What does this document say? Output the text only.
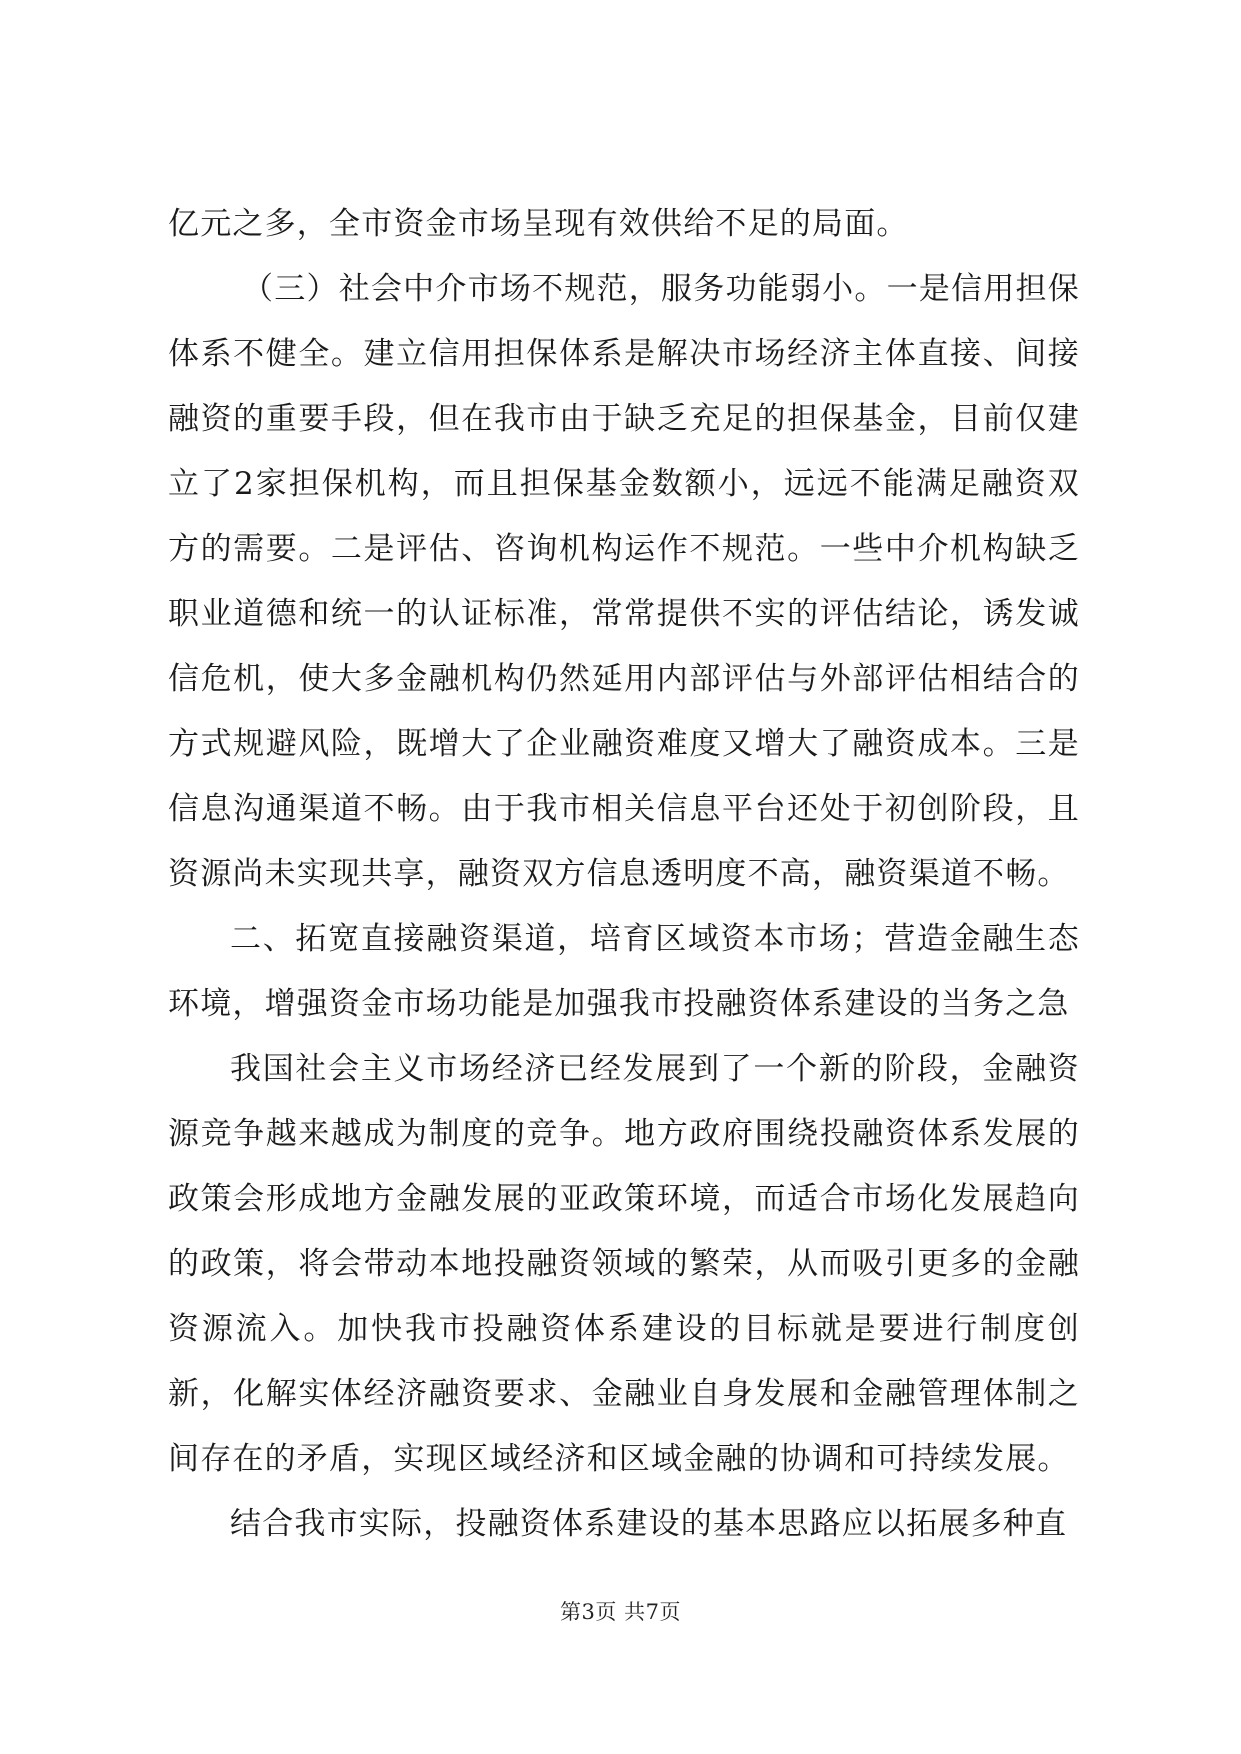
亿元之多，全市资金市场呈现有效供给不足的局面。

（三）社会中介市场不规范，服务功能弱小。一是信用担保体系不健全。建立信用担保体系是解决市场经济主体直接、间接融资的重要手段，但在我市由于缺乏充足的担保基金，目前仅建立了2家担保机构，而且担保基金数额小，远远不能满足融资双方的需要。二是评估、咨询机构运作不规范。一些中介机构缺乏职业道德和统一的认证标准，常常提供不实的评估结论，诱发诚信危机，使大多金融机构仍然延用内部评估与外部评估相结合的方式规避风险，既增大了企业融资难度又增大了融资成本。三是信息沟通渠道不畅。由于我市相关信息平台还处于初创阶段，且资源尚未实现共享，融资双方信息透明度不高，融资渠道不畅。

二、拓宽直接融资渠道，培育区域资本市场；营造金融生态环境，增强资金市场功能是加强我市投融资体系建设的当务之急

我国社会主义市场经济已经发展到了一个新的阶段，金融资源竞争越来越成为制度的竞争。地方政府围绕投融资体系发展的政策会形成地方金融发展的亚政策环境，而适合市场化发展趋向的政策，将会带动本地投融资领域的繁荣，从而吸引更多的金融资源流入。加快我市投融资体系建设的目标就是要进行制度创新，化解实体经济融资要求、金融业自身发展和金融管理体制之间存在的矛盾，实现区域经济和区域金融的协调和可持续发展。

结合我市实际，投融资体系建设的基本思路应以拓展多种直

第3页 共7页
